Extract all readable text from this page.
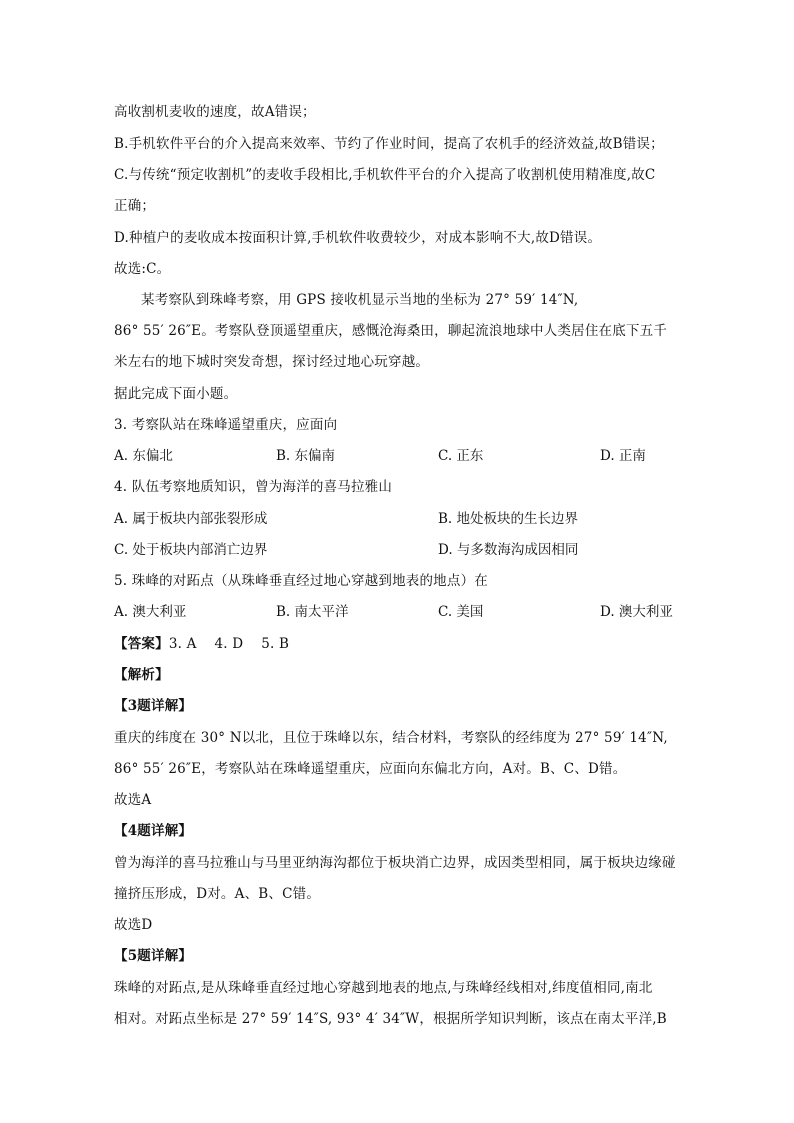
高收割机麦收的速度，故A错误；
B.手机软件平台的介入提高来效率、节约了作业时间，提高了农机手的经济效益,故B错误；
C.与传统“预定收割机”的麦收手段相比,手机软件平台的介入提高了收割机使用精准度,故C
正确；
D.种植户的麦收成本按面积计算,手机软件收费较少，对成本影响不大,故D错误。
故选:C。
某考察队到珠峰考察，用 GPS 接收机显示当地的坐标为 27° 59′ 14″N,
86° 55′ 26″E。考察队登顶遥望重庆，感慨沧海桑田，聊起流浪地球中人类居住在底下五千
米左右的地下城时突发奇想，探讨经过地心玩穿越。
据此完成下面小题。
3. 考察队站在珠峰遥望重庆，应面向
A. 东偏北	B. 东偏南	C. 正东	D. 正南
4. 队伍考察地质知识，曾为海洋的喜马拉雅山
A. 属于板块内部张裂形成	B. 地处板块的生长边界
C. 处于板块内部消亡边界	D. 与多数海沟成因相同
5. 珠峰的对跖点（从珠峰垂直经过地心穿越到地表的地点）在
A. 澳大利亚	B. 南太平洋	C. 美国	D. 澳大利亚
【答案】3. A    4. D    5. B
【解析】
【3题详解】
重庆的纬度在 30° N以北，且位于珠峰以东，结合材料，考察队的经纬度为 27° 59′ 14″N,
86° 55′ 26″E，考察队站在珠峰遥望重庆，应面向东偏北方向，A对。B、C、D错。
故选A
【4题详解】
曾为海洋的喜马拉雅山与马里亚纳海沟都位于板块消亡边界，成因类型相同，属于板块边缘碰
撞挤压形成，D对。A、B、C错。
故选D
【5题详解】
珠峰的对跖点,是从珠峰垂直经过地心穿越到地表的地点,与珠峰经线相对,纬度值相同,南北
相对。对跖点坐标是 27° 59′ 14″S, 93° 4′ 34″W，根据所学知识判断，该点在南太平洋,B
